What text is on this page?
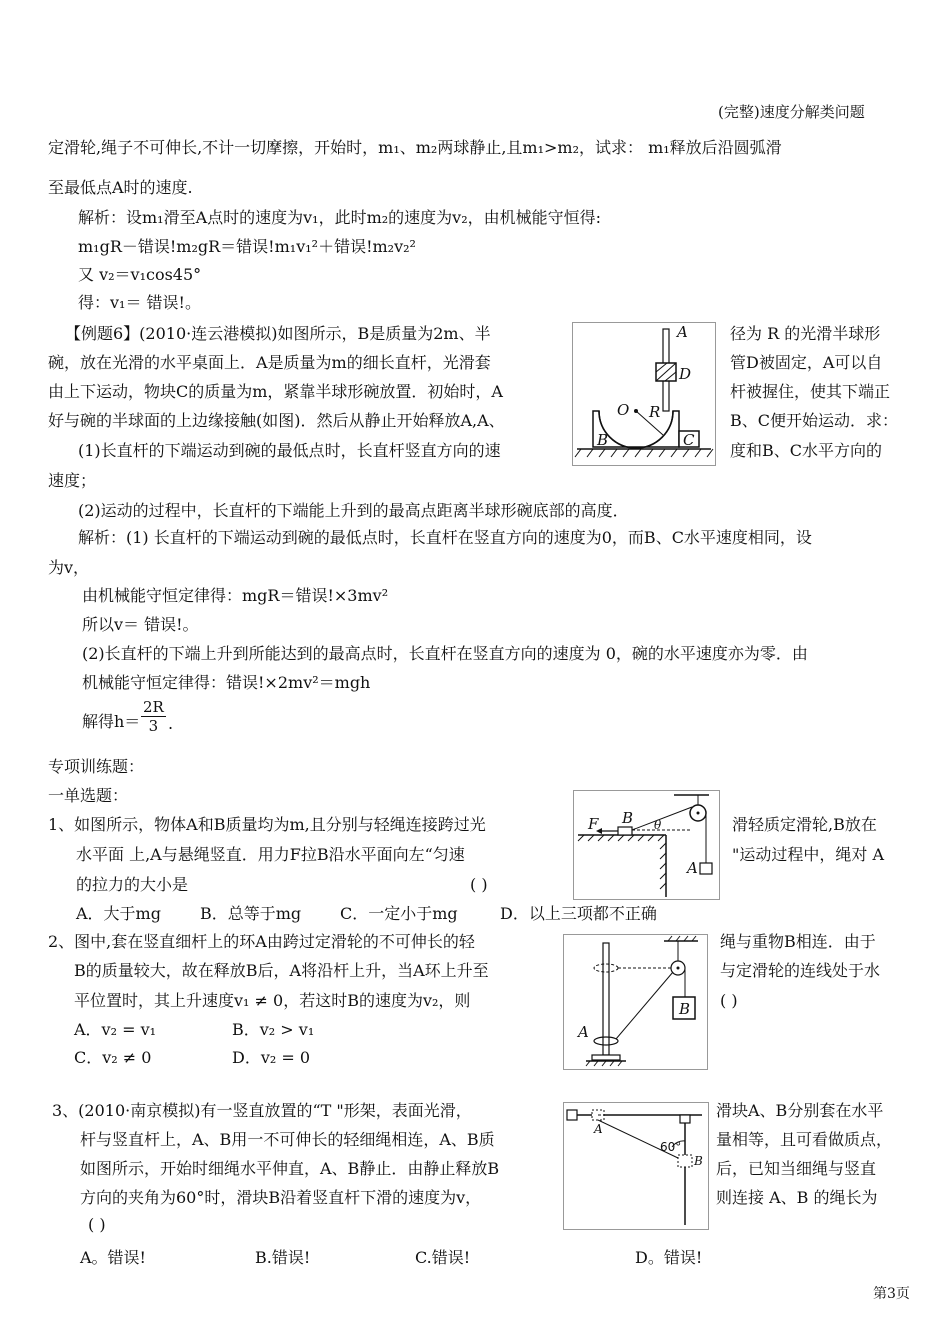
(完整)速度分解类问题
定滑轮,绳子不可伸长,不计一切摩擦，开始时，m₁、m₂两球静止,且m₁>m₂，试求： m₁释放后沿圆弧滑
至最低点A时的速度.
解析：设m₁滑至A点时的速度为v₁，此时m₂的速度为v₂，由机械能守恒得:
m₁gR－错误!m₂gR＝错误!m₁v₁²＋错误!m₂v₂²
又 v₂＝v₁cos45°
得：v₁＝ 错误!。
【例题6】(2010·连云港模拟)如图所示，B是质量为2m、半	径为 R 的光滑半球形
碗，放在光滑的水平桌面上．A是质量为m的细长直杆，光滑套	管D被固定，A可以自
由上下运动，物块C的质量为m，紧靠半球形碗放置．初始时，A	杆被握住，使其下端正
好与碗的半球面的上边缘接触(如图)．然后从静止开始释放A,A、	B、C便开始运动．求：
(1)长直杆的下端运动到碗的最低点时，长直杆竖直方向的速	度和B、C水平方向的
速度；
(2)运动的过程中，长直杆的下端能上升到的最高点距离半球形碗底部的高度．
解析：(1) 长直杆的下端运动到碗的最低点时，长直杆在竖直方向的速度为0，而B、C水平速度相同，设
为v，
由机械能守恒定律得：mgR＝错误!×3mv²
所以v＝ 错误!。
(2)长直杆的下端上升到所能达到的最高点时，长直杆在竖直方向的速度为 0，碗的水平速度亦为零．由
机械能守恒定律得：错误!×2mv²＝mgh
解得$h= \frac{2R}{3}$ .
A
D
O R
B	C
专项训练题：
一单选题：
1、如图所示，物体A和B质量均为m,且分别与轻绳连接跨过光	滑轻质定滑轮,B放在
水平面 上,A与悬绳竖直．用力F拉B沿水平面向左“匀速	"运动过程中，绳对 A
的拉力的大小是	( )
A．大于mg B．总等于mg C．一定小于mg	D．以上三项都不正确
F B θ
A
2、图中,套在竖直细杆上的环A由跨过定滑轮的不可伸长的轻	绳与重物B相连．由于
B的质量较大，故在释放B后，A将沿杆上升，当A环上升至	与定滑轮的连线处于水
平位置时，其上升速度v₁ ≠ 0，若这时B的速度为v₂，则	( )
A．v₂ = v₁	B．v₂ > v₁
C．v₂ ≠ 0	D．v₂ = 0
A
B
3、(2010·南京模拟)有一竖直放置的“T "形架，表面光滑，	滑块A、B分别套在水平
杆与竖直杆上，A、B用一不可伸长的轻细绳相连，A、B质	量相等，且可看做质点，
如图所示，开始时细绳水平伸直，A、B静止．由静止释放B	后，已知当细绳与竖直
方向的夹角为60°时，滑块B沿着竖直杆下滑的速度为v，	则连接 A、B 的绳长为
( )
A。错误!	B.错误!	C.错误!	D。错误!
A
B
60°
第3页
